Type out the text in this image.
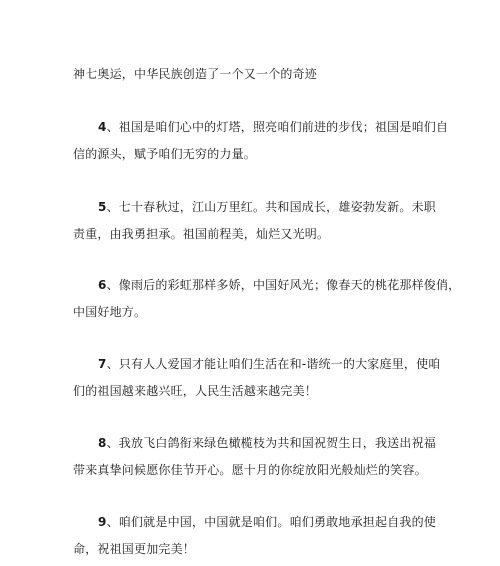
神七奥运，中华民族创造了一个又一个的奇迹
4、祖国是咱们心中的灯塔，照亮咱们前进的步伐；祖国是咱们自
信的源头，赋予咱们无穷的力量。
5、七十春秋过，江山万里红。共和国成长，雄姿勃发新。未职
责重，由我勇担承。祖国前程美，灿烂又光明。
6、像雨后的彩虹那样多娇，中国好风光；像春天的桃花那样俊俏，
中国好地方。
7、只有人人爱国才能让咱们生活在和-谐统一的大家庭里，使咱
们的祖国越来越兴旺，人民生活越来越完美！
8、我放飞白鸽衔来绿色橄榄枝为共和国祝贺生日，我送出祝福
带来真挚问候愿你佳节开心。愿十月的你绽放阳光般灿烂的笑容。
9、咱们就是中国，中国就是咱们。咱们勇敢地承担起自我的使
命，祝祖国更加完美！
